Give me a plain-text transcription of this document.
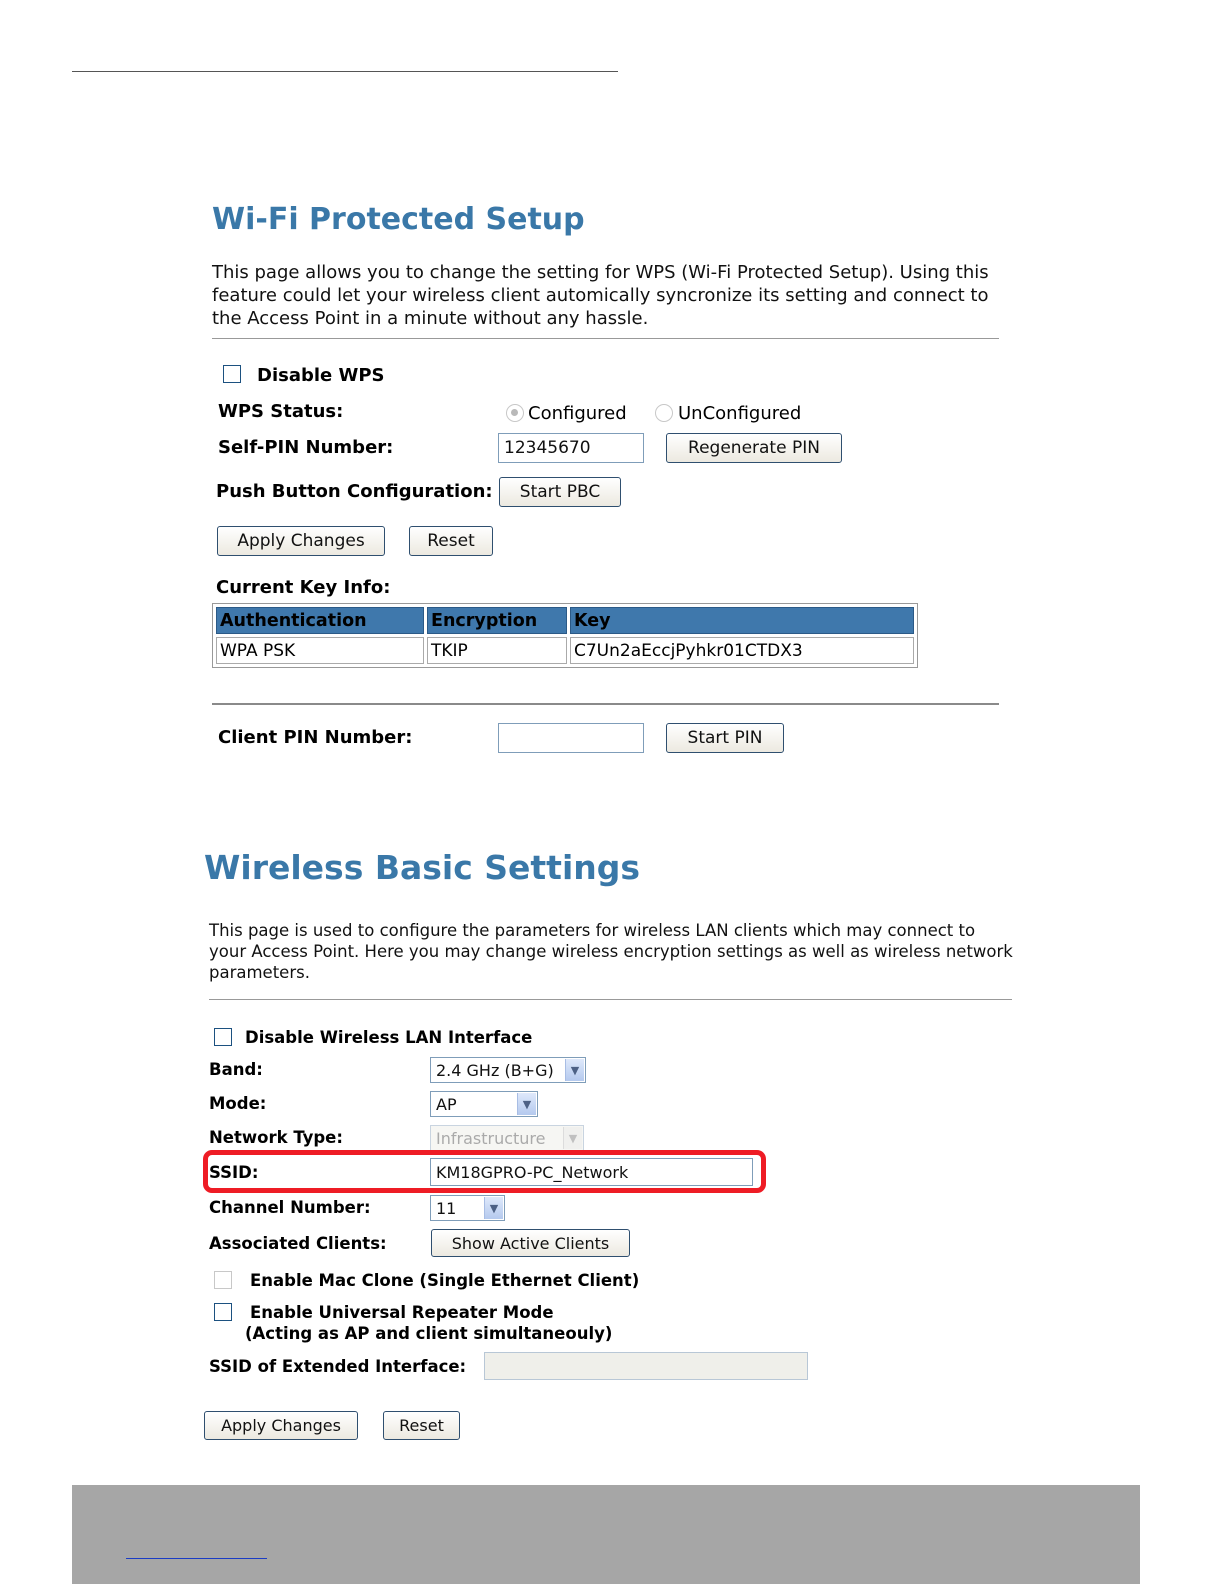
Wi-Fi Protected Setup

This page allows you to change the setting for WPS (Wi-Fi Protected Setup). Using this feature could let your wireless client automically syncronize its setting and connect to the Access Point in a minute without any hassle.

Disable WPS
WPS Status:	Configured	UnConfigured
Self-PIN Number:	12345670	Regenerate PIN
Push Button Configuration:	Start PBC
Apply Changes	Reset
Current Key Info:
Authentication	Encryption	Key
WPA PSK	TKIP	C7Un2aEccjPyhkr01CTDX3
Client PIN Number:	Start PIN
Wireless Basic Settings

This page is used to configure the parameters for wireless LAN clients which may connect to your Access Point. Here you may change wireless encryption settings as well as wireless network parameters.

Disable Wireless LAN Interface
Band:	2.4 GHz (B+G)	▼
Mode:	AP	▼
Network Type:	Infrastructure	▼
SSID:	KM18GPRO-PC_Network
Channel Number:	11	▼
Associated Clients:	Show Active Clients
Enable Mac Clone (Single Ethernet Client)
Enable Universal Repeater Mode
(Acting as AP and client simultaneouly)
SSID of Extended Interface:
Apply Changes	Reset
